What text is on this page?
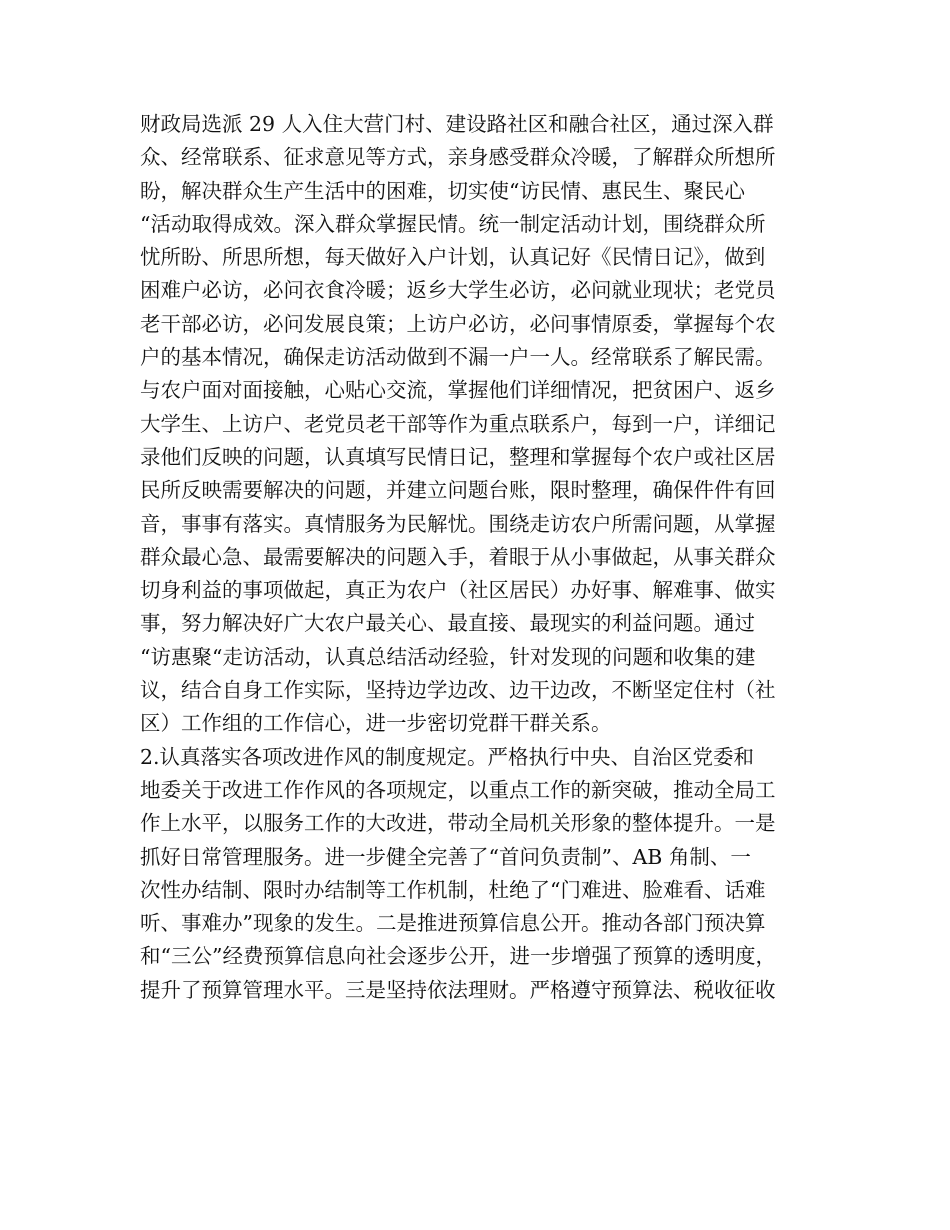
财政局选派 29 人入住大营门村、建设路社区和融合社区，通过深入群
众、经常联系、征求意见等方式，亲身感受群众冷暖，了解群众所想所
盼，解决群众生产生活中的困难，切实使“访民情、惠民生、聚民心
“活动取得成效。深入群众掌握民情。统一制定活动计划，围绕群众所
忧所盼、所思所想，每天做好入户计划，认真记好《民情日记》，做到
困难户必访，必问衣食冷暖；返乡大学生必访，必问就业现状；老党员
老干部必访，必问发展良策；上访户必访，必问事情原委，掌握每个农
户的基本情况，确保走访活动做到不漏一户一人。经常联系了解民需。
与农户面对面接触，心贴心交流，掌握他们详细情况，把贫困户、返乡
大学生、上访户、老党员老干部等作为重点联系户，每到一户，详细记
录他们反映的问题，认真填写民情日记，整理和掌握每个农户或社区居
民所反映需要解决的问题，并建立问题台账，限时整理，确保件件有回
音，事事有落实。真情服务为民解忧。围绕走访农户所需问题，从掌握
群众最心急、最需要解决的问题入手，着眼于从小事做起，从事关群众
切身利益的事项做起，真正为农户（社区居民）办好事、解难事、做实
事，努力解决好广大农户最关心、最直接、最现实的利益问题。通过
“访惠聚“走访活动，认真总结活动经验，针对发现的问题和收集的建
议，结合自身工作实际，坚持边学边改、边干边改，不断坚定住村（社
区）工作组的工作信心，进一步密切党群干群关系。
2.认真落实各项改进作风的制度规定。严格执行中央、自治区党委和
地委关于改进工作作风的各项规定，以重点工作的新突破，推动全局工
作上水平，以服务工作的大改进，带动全局机关形象的整体提升。一是
抓好日常管理服务。进一步健全完善了“首问负责制”、AB 角制、一
次性办结制、限时办结制等工作机制，杜绝了“门难进、脸难看、话难
听、事难办”现象的发生。二是推进预算信息公开。推动各部门预决算
和“三公”经费预算信息向社会逐步公开，进一步增强了预算的透明度，
提升了预算管理水平。三是坚持依法理财。严格遵守预算法、税收征收
